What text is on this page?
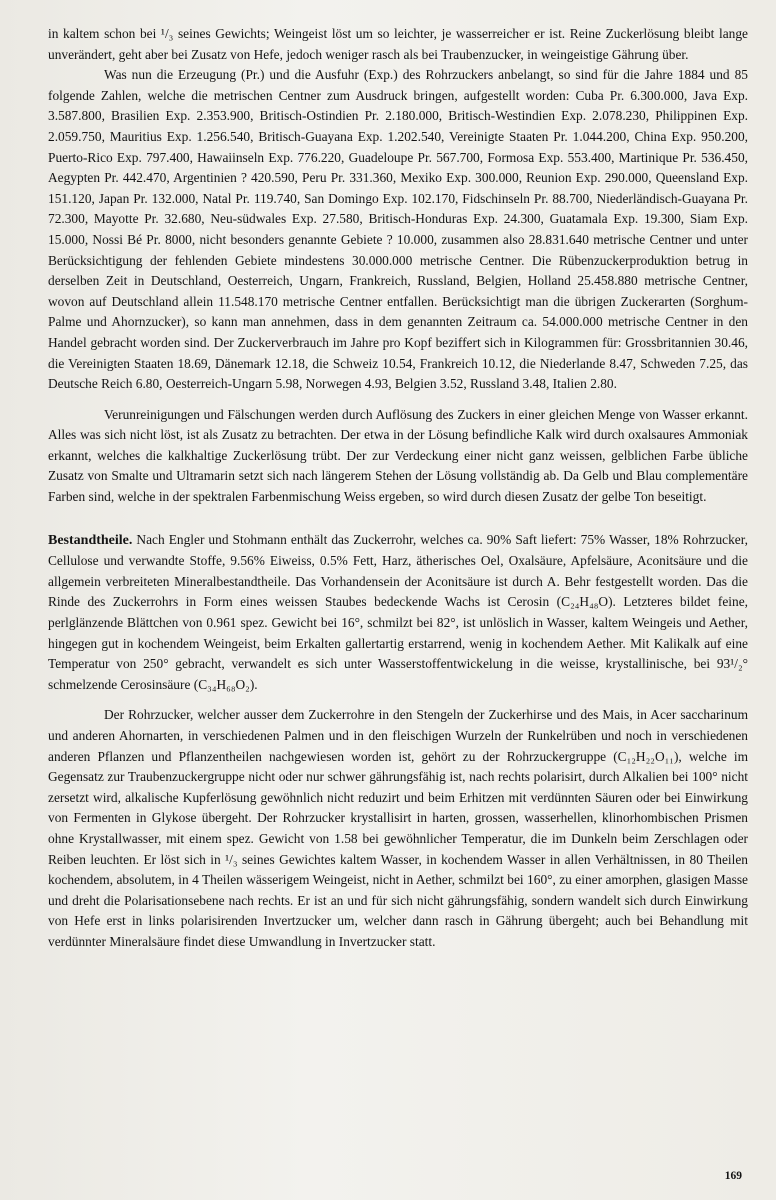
in kaltem schon bei ¹/₃ seines Gewichts; Weingeist löst um so leichter, je wasserreicher er ist. Reine Zuckerlösung bleibt lange unverändert, geht aber bei Zusatz von Hefe, jedoch weniger rasch als bei Traubenzucker, in weingeistige Gährung über.

Was nun die Erzeugung (Pr.) und die Ausfuhr (Exp.) des Rohrzuckers anbelangt, so sind für die Jahre 1884 und 85 folgende Zahlen, welche die metrischen Centner zum Ausdruck bringen, aufgestellt worden: Cuba Pr. 6.300.000, Java Exp. 3.587.800, Brasilien Exp. 2.353.900, Britisch-Ostindien Pr. 2.180.000, Britisch-Westindien Exp. 2.078.230, Philippinen Exp. 2.059.750, Mauritius Exp. 1.256.540, Britisch-Guayana Exp. 1.202.540, Vereinigte Staaten Pr. 1.044.200, China Exp. 950.200, Puerto-Rico Exp. 797.400, Hawaiinseln Exp. 776.220, Guadeloupe Pr. 567.700, Formosa Exp. 553.400, Martinique Pr. 536.450, Aegypten Pr. 442.470, Argentinien ? 420.590, Peru Pr. 331.360, Mexiko Exp. 300.000, Reunion Exp. 290.000, Queensland Exp. 151.120, Japan Pr. 132.000, Natal Pr. 119.740, San Domingo Exp. 102.170, Fidschinseln Pr. 88.700, Niederländisch-Guayana Pr. 72.300, Mayotte Pr. 32.680, Neu-südwales Exp. 27.580, Britisch-Honduras Exp. 24.300, Guatamala Exp. 19.300, Siam Exp. 15.000, Nossi Bé Pr. 8000, nicht besonders genannte Gebiete ? 10.000, zusammen also 28.831.640 metrische Centner und unter Berücksichtigung der fehlenden Gebiete mindestens 30.000.000 metrische Centner. Die Rübenzuckerproduktion betrug in derselben Zeit in Deutschland, Oesterreich, Ungarn, Frankreich, Russland, Belgien, Holland 25.458.880 metrische Centner, wovon auf Deutschland allein 11.548.170 metrische Centner entfallen. Berücksichtigt man die übrigen Zuckerarten (Sorghum-Palme und Ahornzucker), so kann man annehmen, dass in dem genannten Zeitraum ca. 54.000.000 metrische Centner in den Handel gebracht worden sind. Der Zuckerverbrauch im Jahre pro Kopf beziffert sich in Kilogrammen für: Grossbritannien 30.46, die Vereinigten Staaten 18.69, Dänemark 12.18, die Schweiz 10.54, Frankreich 10.12, die Niederlande 8.47, Schweden 7.25, das Deutsche Reich 6.80, Oesterreich-Ungarn 5.98, Norwegen 4.93, Belgien 3.52, Russland 3.48, Italien 2.80.

Verunreinigungen und Fälschungen werden durch Auflösung des Zuckers in einer gleichen Menge von Wasser erkannt. Alles was sich nicht löst, ist als Zusatz zu betrachten. Der etwa in der Lösung befindliche Kalk wird durch oxalsaures Ammoniak erkannt, welches die kalkhaltige Zuckerlösung trübt. Der zur Verdeckung einer nicht ganz weissen, gelblichen Farbe übliche Zusatz von Smalte und Ultramarin setzt sich nach längerem Stehen der Lösung vollständig ab. Da Gelb und Blau complementäre Farben sind, welche in der spektralen Farbenmischung Weiss ergeben, so wird durch diesen Zusatz der gelbe Ton beseitigt.

Bestandtheile. Nach Engler und Stohmann enthält das Zuckerrohr, welches ca. 90% Saft liefert: 75% Wasser, 18% Rohrzucker, Cellulose und verwandte Stoffe, 9.56% Eiweiss, 0.5% Fett, Harz, ätherisches Oel, Oxalsäure, Apfelsäure, Aconitsäure und die allgemein verbreiteten Mineralbestandtheile. Das Vorhandensein der Aconitsäure ist durch A. Behr festgestellt worden. Das die Rinde des Zuckerrohrs in Form eines weissen Staubes bedeckende Wachs ist Cerosin (C₂₄H₄₈O). Letzteres bildet feine, perlglänzende Blättchen von 0.961 spez. Gewicht bei 16°, schmilzt bei 82°, ist unlöslich in Wasser, kaltem Weingeis und Aether, hingegen gut in kochendem Weingeist, beim Erkalten gallertartig erstarrend, wenig in kochendem Aether. Mit Kalikalk auf eine Temperatur von 250° gebracht, verwandelt es sich unter Wasserstoffentwickelung in die weisse, krystallinische, bei 93¹/₂° schmelzende Cerosinsäure (C₃₄H₆₈O₂).

Der Rohrzucker, welcher ausser dem Zuckerrohre in den Stengeln der Zuckerhirse und des Mais, in Acer saccharinum und anderen Ahornarten, in verschiedenen Palmen und in den fleischigen Wurzeln der Runkelrüben und noch in verschiedenen anderen Pflanzen und Pflanzentheilen nachgewiesen worden ist, gehört zu der Rohrzuckergruppe (C₁₂H₂₂O₁₁), welche im Gegensatz zur Traubenzuckergruppe nicht oder nur schwer gährungsfähig ist, nach rechts polarisirt, durch Alkalien bei 100° nicht zersetzt wird, alkalische Kupferlösung gewöhnlich nicht reduzirt und beim Erhitzen mit verdünnten Säuren oder bei Einwirkung von Fermenten in Glykose übergeht. Der Rohrzucker krystallisirt in harten, grossen, wasserhellen, klinorhombischen Prismen ohne Krystallwasser, mit einem spez. Gewicht von 1.58 bei gewöhnlicher Temperatur, die im Dunkeln beim Zerschlagen oder Reiben leuchten. Er löst sich in ¹/₃ seines Gewichtes kaltem Wasser, in kochendem Wasser in allen Verhältnissen, in 80 Theilen kochendem, absolutem, in 4 Theilen wässerigem Weingeist, nicht in Aether, schmilzt bei 160°, zu einer amorphen, glasigen Masse und dreht die Polarisationsebene nach rechts. Er ist an und für sich nicht gährungsfähig, sondern wandelt sich durch Einwirkung von Hefe erst in links polarisirenden Invertzucker um, welcher dann rasch in Gährung übergeht; auch bei Behandlung mit verdünnter Mineralsäure findet diese Umwandlung in Invertzucker statt.

169
